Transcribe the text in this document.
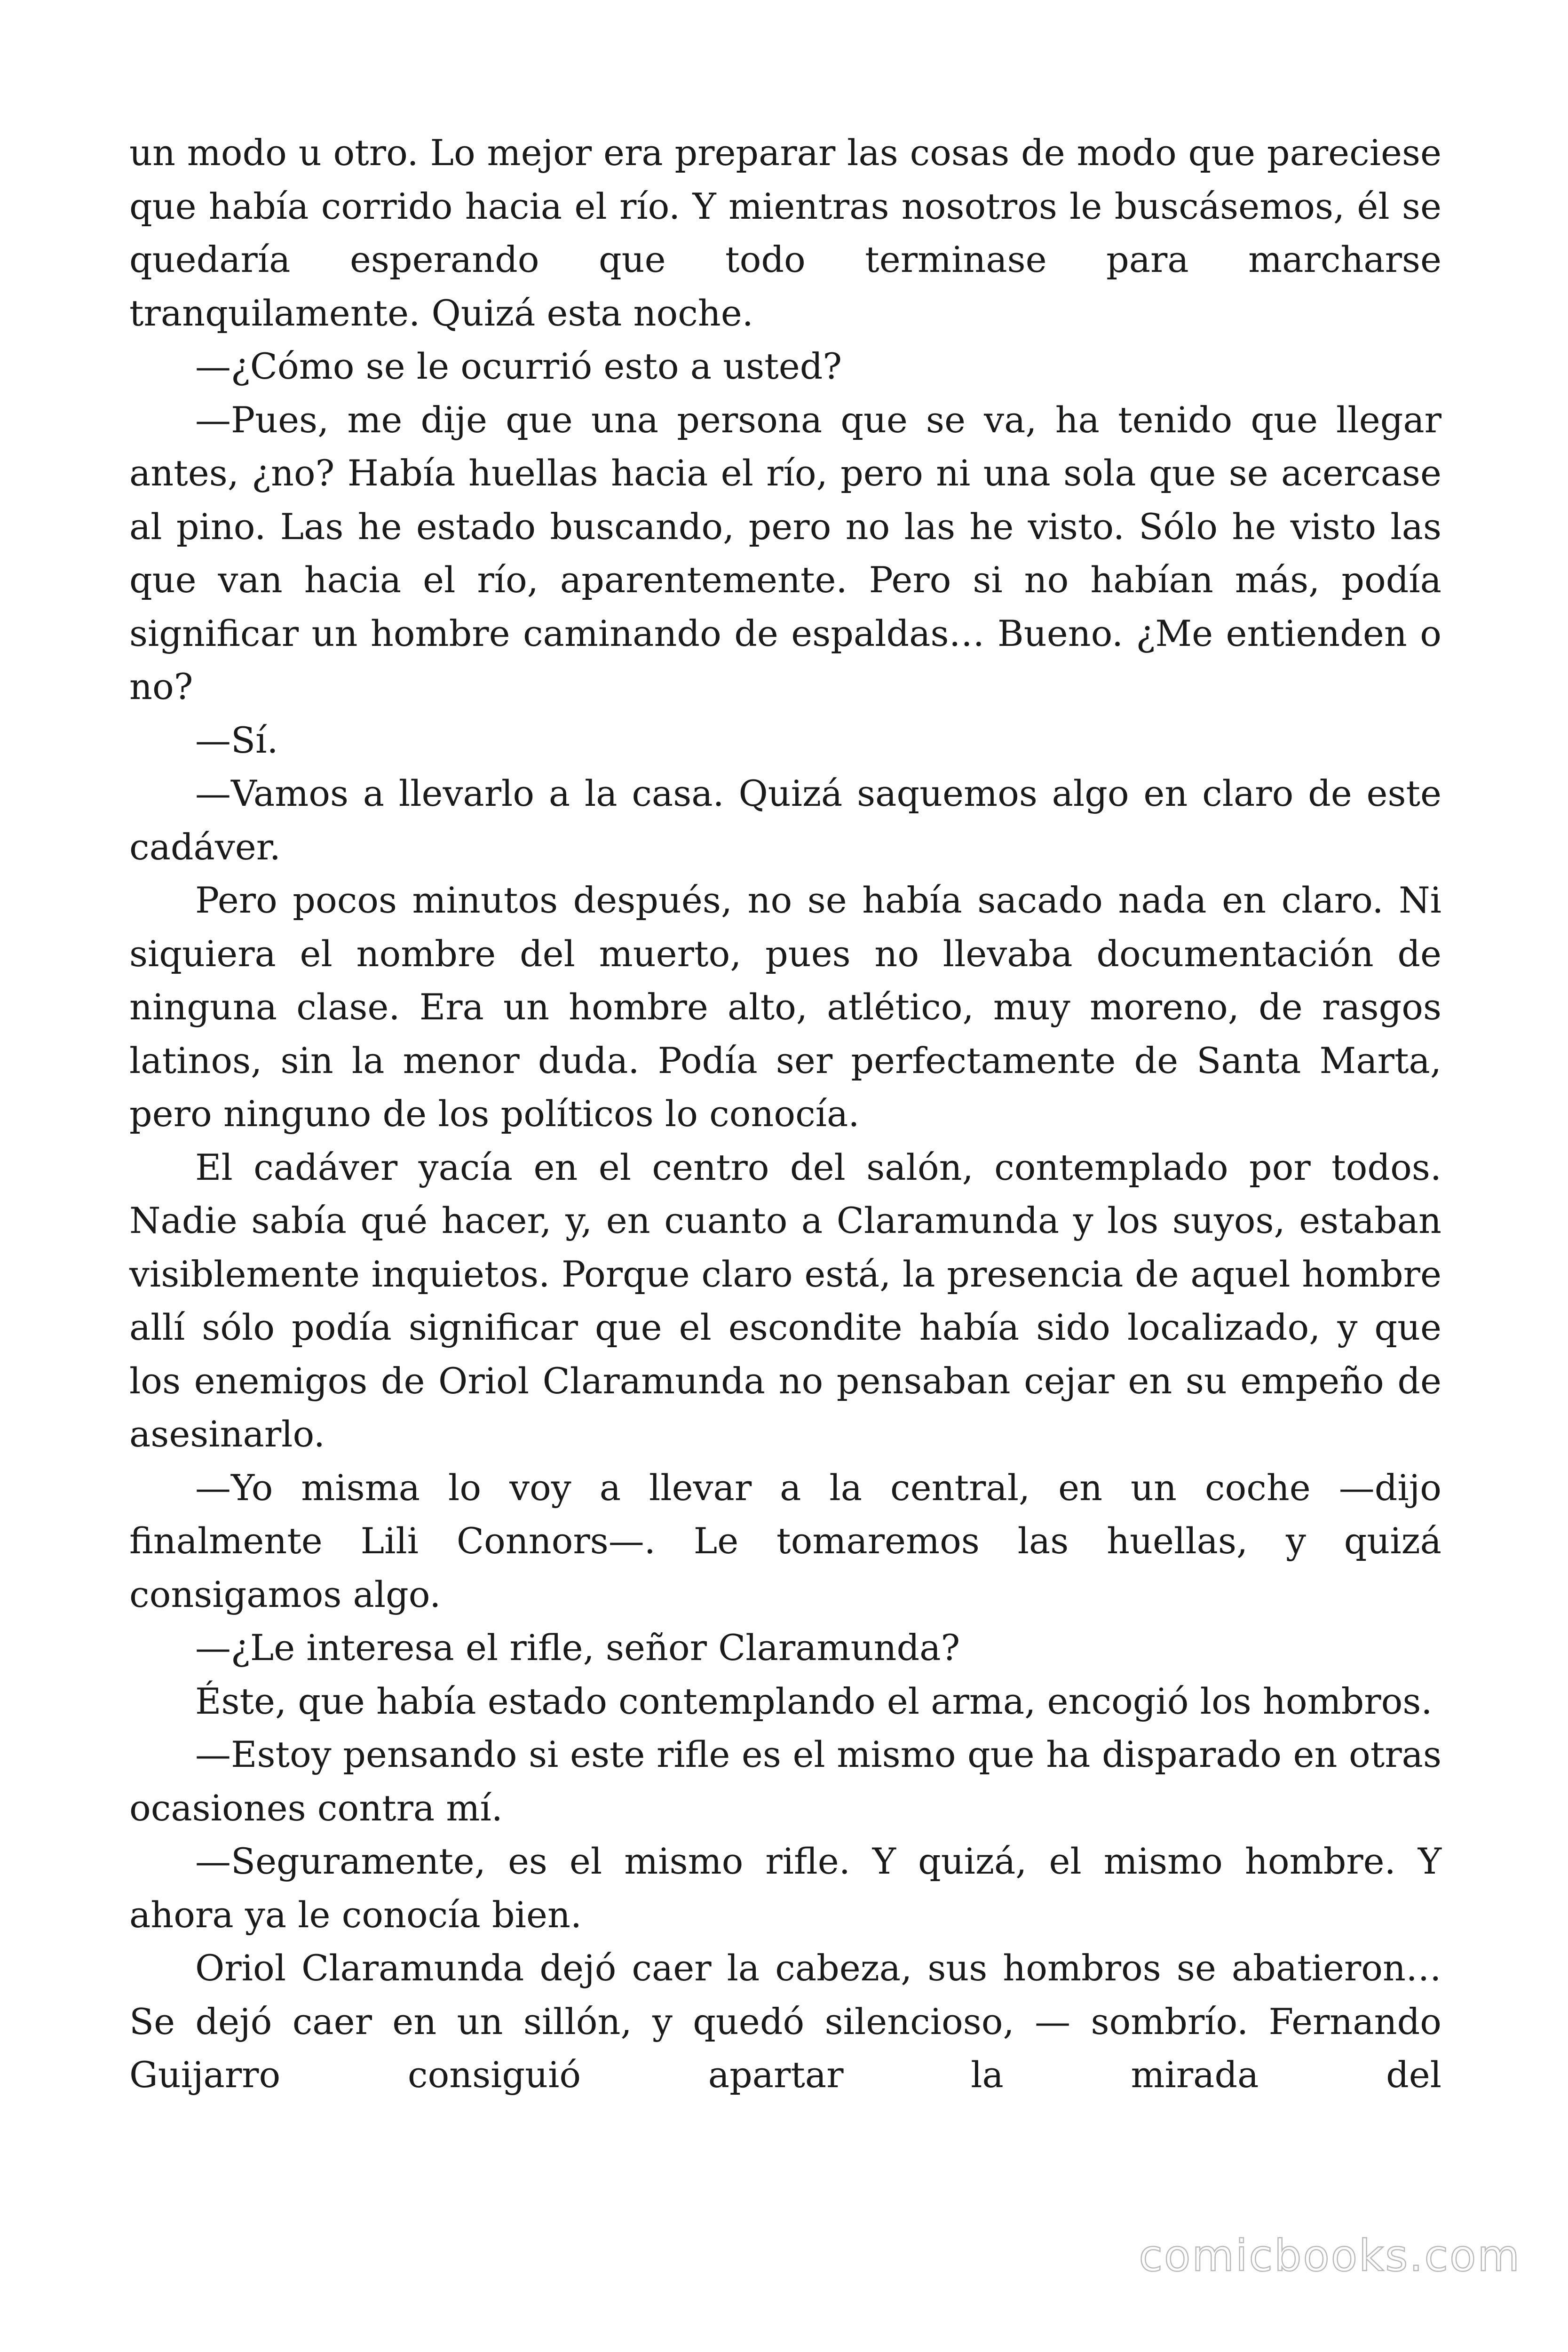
un modo u otro. Lo mejor era preparar las cosas de modo que pareciese que había corrido hacia el río. Y mientras nosotros le buscásemos, él se quedaría esperando que todo terminase para marcharse tranquilamente. Quizá esta noche.

—¿Cómo se le ocurrió esto a usted?

—Pues, me dije que una persona que se va, ha tenido que llegar antes, ¿no? Había huellas hacia el río, pero ni una sola que se acercase al pino. Las he estado buscando, pero no las he visto. Sólo he visto las que van hacia el río, aparentemente. Pero si no habían más, podía significar un hombre caminando de espaldas… Bueno. ¿Me entienden o no?

—Sí.

—Vamos a llevarlo a la casa. Quizá saquemos algo en claro de este cadáver.

Pero pocos minutos después, no se había sacado nada en claro. Ni siquiera el nombre del muerto, pues no llevaba documentación de ninguna clase. Era un hombre alto, atlético, muy moreno, de rasgos latinos, sin la menor duda. Podía ser perfectamente de Santa Marta, pero ninguno de los políticos lo conocía.

El cadáver yacía en el centro del salón, contemplado por todos. Nadie sabía qué hacer, y, en cuanto a Claramunda y los suyos, estaban visiblemente inquietos. Porque claro está, la presencia de aquel hombre allí sólo podía significar que el escondite había sido localizado, y que los enemigos de Oriol Claramunda no pensaban cejar en su empeño de asesinarlo.

—Yo misma lo voy a llevar a la central, en un coche —dijo finalmente Lili Connors—. Le tomaremos las huellas, y quizá consigamos algo.

—¿Le interesa el rifle, señor Claramunda?

Éste, que había estado contemplando el arma, encogió los hombros.

—Estoy pensando si este rifle es el mismo que ha disparado en otras ocasiones contra mí.

—Seguramente, es el mismo rifle. Y quizá, el mismo hombre. Y ahora ya le conocía bien.

Oriol Claramunda dejó caer la cabeza, sus hombros se abatieron… Se dejó caer en un sillón, y quedó silencioso, — sombrío. Fernando Guijarro consiguió apartar la mirada del

comicbooks.com
